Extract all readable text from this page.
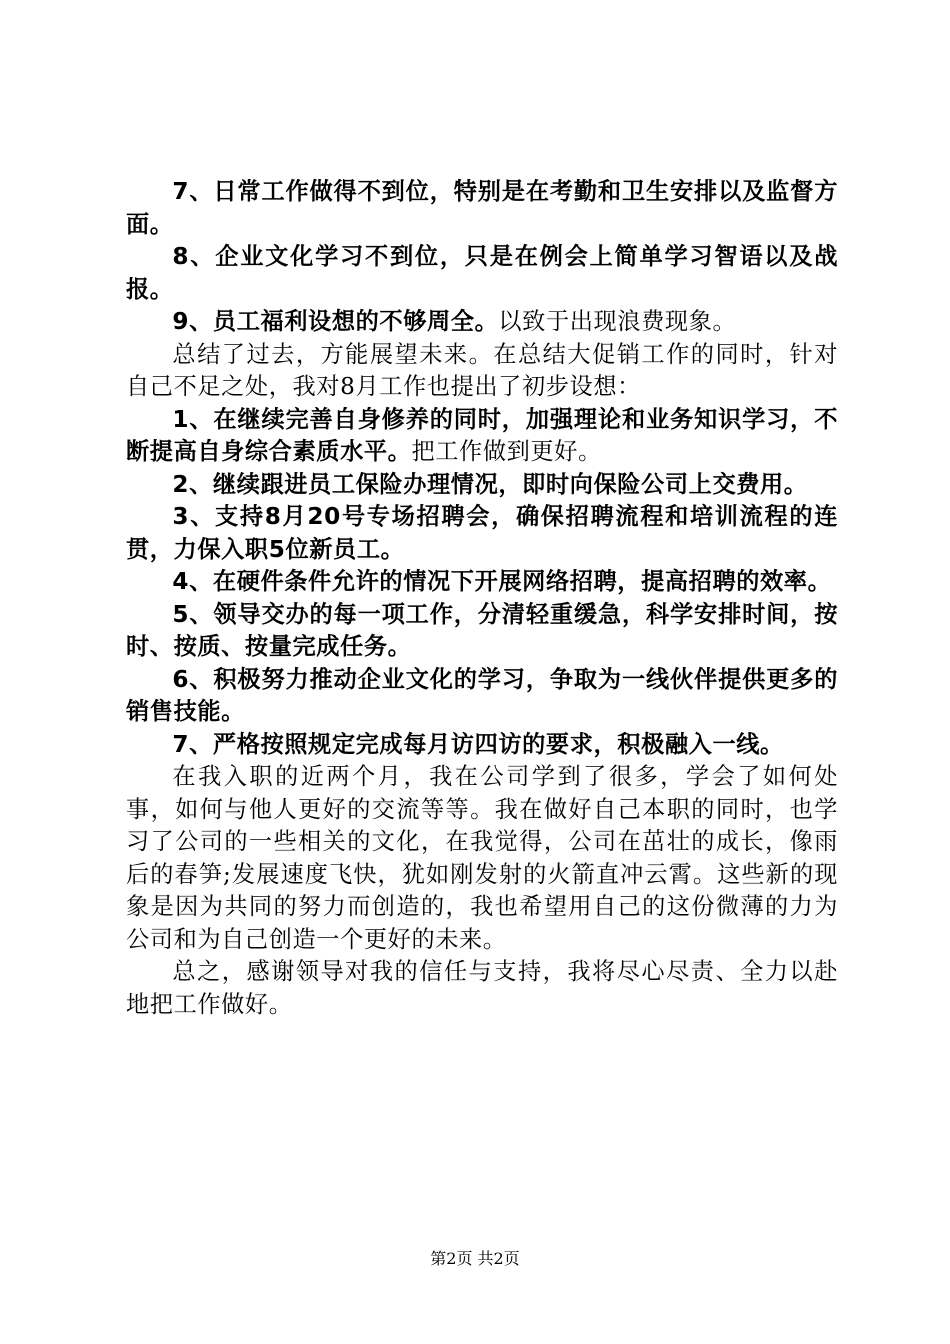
7、日常工作做得不到位，特别是在考勤和卫生安排以及监督方面。

8、企业文化学习不到位，只是在例会上简单学习智语以及战报。

9、员工福利设想的不够周全。以致于出现浪费现象。

总结了过去，方能展望未来。在总结大促销工作的同时，针对自己不足之处，我对8月工作也提出了初步设想：

1、在继续完善自身修养的同时，加强理论和业务知识学习，不断提高自身综合素质水平。把工作做到更好。

2、继续跟进员工保险办理情况，即时向保险公司上交费用。

3、支持8月20号专场招聘会，确保招聘流程和培训流程的连贯，力保入职5位新员工。

4、在硬件条件允许的情况下开展网络招聘，提高招聘的效率。

5、领导交办的每一项工作，分清轻重缓急，科学安排时间，按时、按质、按量完成任务。

6、积极努力推动企业文化的学习，争取为一线伙伴提供更多的销售技能。

7、严格按照规定完成每月访四访的要求，积极融入一线。

在我入职的近两个月，我在公司学到了很多，学会了如何处事，如何与他人更好的交流等等。我在做好自己本职的同时，也学习了公司的一些相关的文化，在我觉得，公司在茁壮的成长，像雨后的春笋;发展速度飞快，犹如刚发射的火箭直冲云霄。这些新的现象是因为共同的努力而创造的，我也希望用自己的这份微薄的力为公司和为自己创造一个更好的未来。

总之，感谢领导对我的信任与支持，我将尽心尽责、全力以赴地把工作做好。

第2页 共2页
